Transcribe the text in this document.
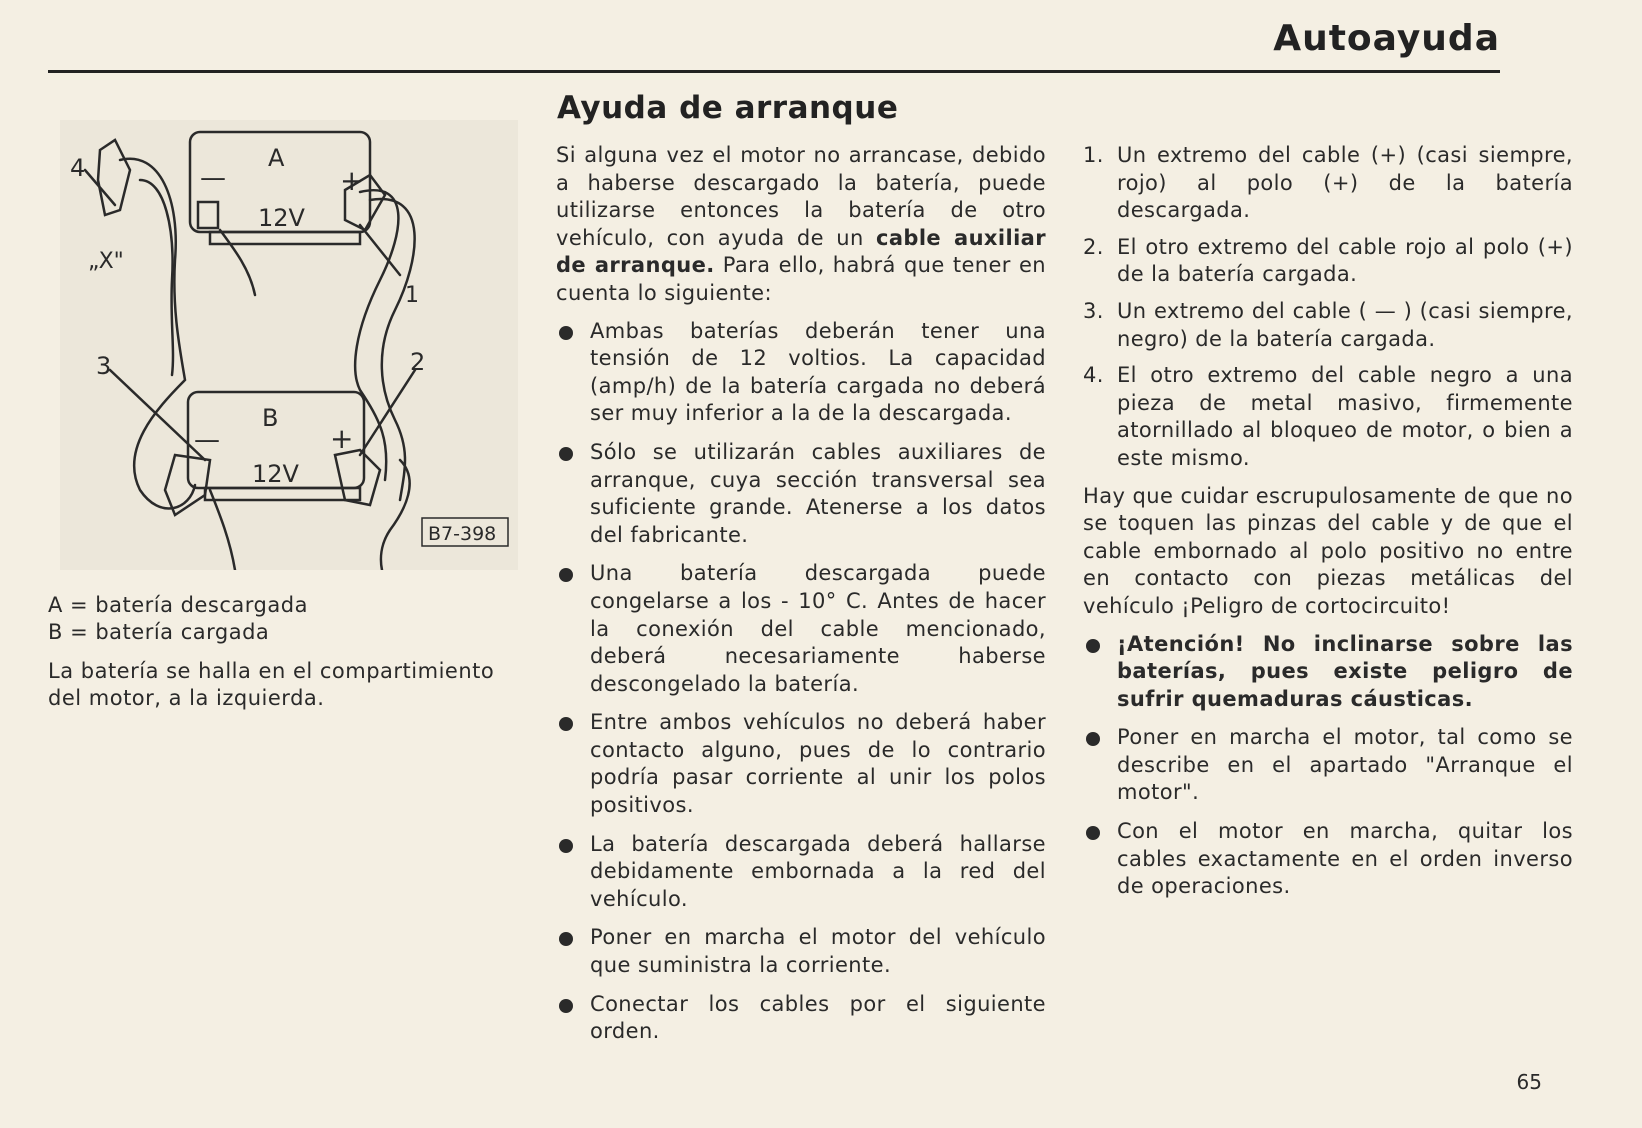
Autoayuda
A
—	+
12V
B
—	+
12V
4
„X"
1
3	2
B7-398

A = batería descargada

B = batería cargada

La batería se halla en el compartimiento del motor, a la izquierda.

Ayuda de arranque

Si alguna vez el motor no arrancase, debido a haberse descargado la batería, puede utilizarse entonces la batería de otro vehículo, con ayuda de un cable auxiliar de arranque. Para ello, habrá que tener en cuenta lo siguiente:

Ambas baterías deberán tener una tensión de 12 voltios. La capacidad (amp/h) de la batería cargada no deberá ser muy inferior a la de la descargada.
Sólo se utilizarán cables auxiliares de arranque, cuya sección transversal sea suficiente grande. Atenerse a los datos del fabricante.
Una batería descargada puede congelarse a los - 10° C. Antes de hacer la conexión del cable mencionado, deberá necesariamente haberse descongelado la batería.
Entre ambos vehículos no deberá haber contacto alguno, pues de lo contrario podría pasar corriente al unir los polos positivos.
La batería descargada deberá hallarse debidamente embornada a la red del vehículo.
Poner en marcha el motor del vehículo que suministra la corriente.
Conectar los cables por el siguiente orden.
1. Un extremo del cable (+) (casi siempre, rojo) al polo (+) de la batería descargada.
2. El otro extremo del cable rojo al polo (+) de la batería cargada.
3. Un extremo del cable ( — ) (casi siempre, negro) de la batería cargada.
4. El otro extremo del cable negro a una pieza de metal masivo, firmemente atornillado al bloqueo de motor, o bien a este mismo.

Hay que cuidar escrupulosamente de que no se toquen las pinzas del cable y de que el cable embornado al polo positivo no entre en contacto con piezas metálicas del vehículo ¡Peligro de cortocircuito!

¡Atención! No inclinarse sobre las baterías, pues existe peligro de sufrir quemaduras cáusticas.
Poner en marcha el motor, tal como se describe en el apartado "Arranque el motor".
Con el motor en marcha, quitar los cables exactamente en el orden inverso de operaciones.
65
